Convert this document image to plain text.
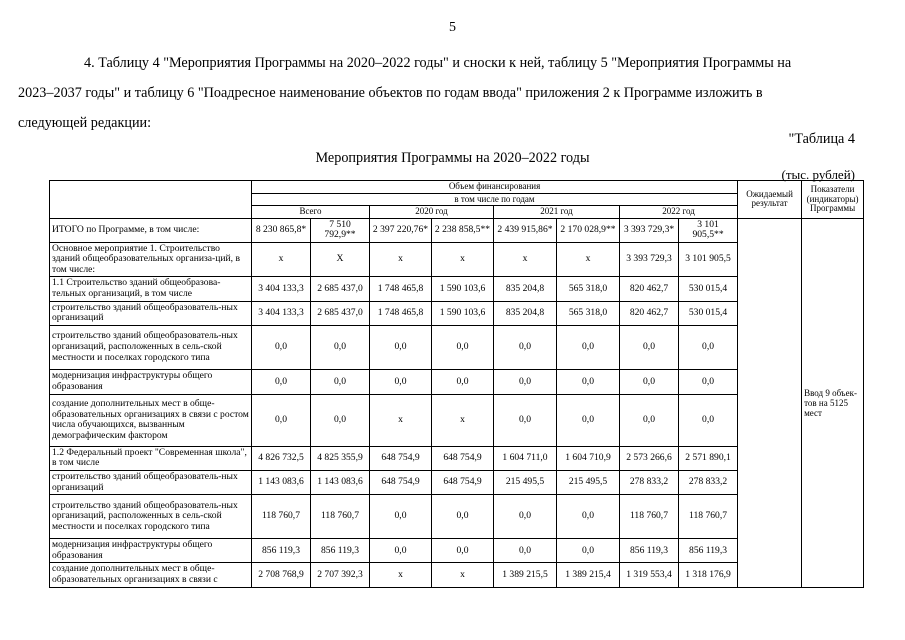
5
4. Таблицу 4 "Мероприятия Программы на 2020–2022 годы" и сноски к ней, таблицу 5 "Мероприятия Программы на
2023–2037 годы" и таблицу 6 "Поадресное наименование объектов по годам ввода" приложения 2 к Программе изложить в
следующей редакции:
"Таблица 4
Мероприятия Программы на 2020–2022 годы
(тыс. рублей)
	Объем финансирования								Ожидаемый результат	Показатели (индикаторы) Программы
	в том числе по годам									
	Всего		2020 год		2021 год		2022 год			
ИТОГО по Программе, в том числе:	8 230 865,8*	7 510 792,9**	2 397 220,76*	2 238 858,5**	2 439 915,86*	2 170 028,9**	3 393 729,3*	3 101 905,5**		Ввод 9 объек-тов на 5125 мест
Основное мероприятие 1. Строительство зданий общеобразовательных организа-ций, в том числе:	х	Х	х	х	х	х	3 393 729,3	3 101 905,5		
1.1 Строительство зданий общеобразова-тельных организаций, в том числе	3 404 133,3	2 685 437,0	1 748 465,8	1 590 103,6	835 204,8	565 318,0	820 462,7	530 015,4		
строительство зданий общеобразователь-ных организаций	3 404 133,3	2 685 437,0	1 748 465,8	1 590 103,6	835 204,8	565 318,0	820 462,7	530 015,4		
строительство зданий общеобразователь-ных организаций, расположенных в сель-ской местности и поселках городского типа	0,0	0,0	0,0	0,0	0,0	0,0	0,0	0,0		
модернизация инфраструктуры общего образования	0,0	0,0	0,0	0,0	0,0	0,0	0,0	0,0		
создание дополнительных мест в обще-образовательных организациях в связи с ростом числа обучающихся, вызванным демографическим фактором	0,0	0,0	х	х	0,0	0,0	0,0	0,0		
1.2 Федеральный проект "Современная школа", в том числе	4 826 732,5	4 825 355,9	648 754,9	648 754,9	1 604 711,0	1 604 710,9	2 573 266,6	2 571 890,1		
строительство зданий общеобразователь-ных организаций	1 143 083,6	1 143 083,6	648 754,9	648 754,9	215 495,5	215 495,5	278 833,2	278 833,2		
строительство зданий общеобразователь-ных организаций, расположенных в сель-ской местности и поселках городского типа	118 760,7	118 760,7	0,0	0,0	0,0	0,0	118 760,7	118 760,7		
модернизация инфраструктуры общего образования	856 119,3	856 119,3	0,0	0,0	0,0	0,0	856 119,3	856 119,3		
создание дополнительных мест в обще-образовательных организациях в связи с	2 708 768,9	2 707 392,3	х	х	1 389 215,5	1 389 215,4	1 319 553,4	1 318 176,9		
